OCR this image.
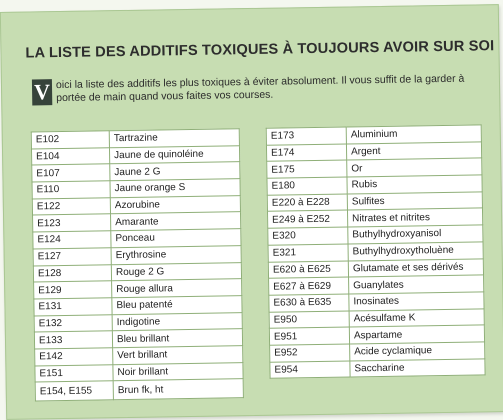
LA LISTE DES ADDITIFS TOXIQUES À TOUJOURS AVOIR SUR SOI
V oici la liste des additifs les plus toxiques à éviter absolument. Il vous suffit de la garder à portée de main quand vous faites vos courses.

E102	Tartrazine
E104	Jaune de quinoléine
E107	Jaune 2 G
E110	Jaune orange S
E122	Azorubine
E123	Amarante
E124	Ponceau
E127	Erythrosine
E128	Rouge 2 G
E129	Rouge allura
E131	Bleu patenté
E132	Indigotine
E133	Bleu brillant
E142	Vert brillant
E151	Noir brillant
E154, E155	Brun fk, ht
E173	Aluminium
E174	Argent
E175	Or
E180	Rubis
E220 à E228	Sulfites
E249 à E252	Nitrates et nitrites
E320	Buthylhydroxyanisol
E321	Buthylhydroxytholuène
E620 à E625	Glutamate et ses dérivés
E627 à E629	Guanylates
E630 à E635	Inosinates
E950	Acésulfame K
E951	Aspartame
E952	Acide cyclamique
E954	Saccharine
